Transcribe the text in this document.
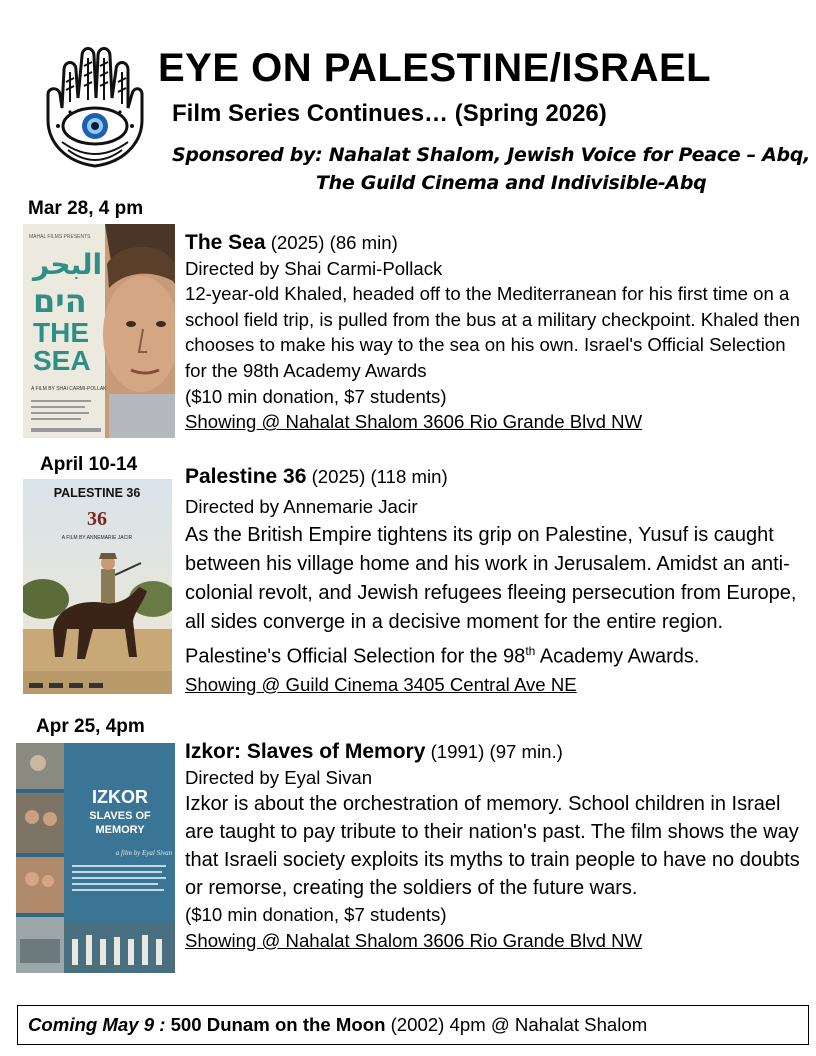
EYE ON PALESTINE/ISRAEL
Film Series Continues… (Spring 2026)
Sponsored by: Nahalat Shalom, Jewish Voice for Peace – Abq,
The Guild Cinema and Indivisible-Abq
Mar 28, 4 pm
MAHAL FILMS PRESENTS
البحر
הים
THE
SEA
A FILM BY SHAI CARMI-POLLAK

The Sea (2025) (86 min)

Directed by Shai Carmi-Pollack

12-year-old Khaled, headed off to the Mediterranean for his first time on a school field trip, is pulled from the bus at a military checkpoint. Khaled then chooses to make his way to the sea on his own. Israel's Official Selection for the 98th Academy Awards

($10 min donation, $7 students)

Showing @ Nahalat Shalom 3606 Rio Grande Blvd NW

April 10-14
PALESTINE 36
36
A FILM BY ANNEMARIE JACIR

Palestine 36 (2025) (118 min)

Directed by Annemarie Jacir

As the British Empire tightens its grip on Palestine, Yusuf is caught between his village home and his work in Jerusalem. Amidst an anti-colonial revolt, and Jewish refugees fleeing persecution from Europe, all sides converge in a decisive moment for the entire region. Palestine's Official Selection for the 98th Academy Awards.

Showing @ Guild Cinema 3405 Central Ave NE

Apr 25, 4pm
IZKOR
SLAVES OF
MEMORY
a film by Eyal Sivan

Izkor: Slaves of Memory (1991) (97 min.)

Directed by Eyal Sivan

Izkor is about the orchestration of memory. School children in Israel are taught to pay tribute to their nation's past. The film shows the way that Israeli society exploits its myths to train people to have no doubts or remorse, creating the soldiers of the future wars.

($10 min donation, $7 students)

Showing @ Nahalat Shalom 3606 Rio Grande Blvd NW

Coming May 9 : 500 Dunam on the Moon (2002) 4pm @ Nahalat Shalom
